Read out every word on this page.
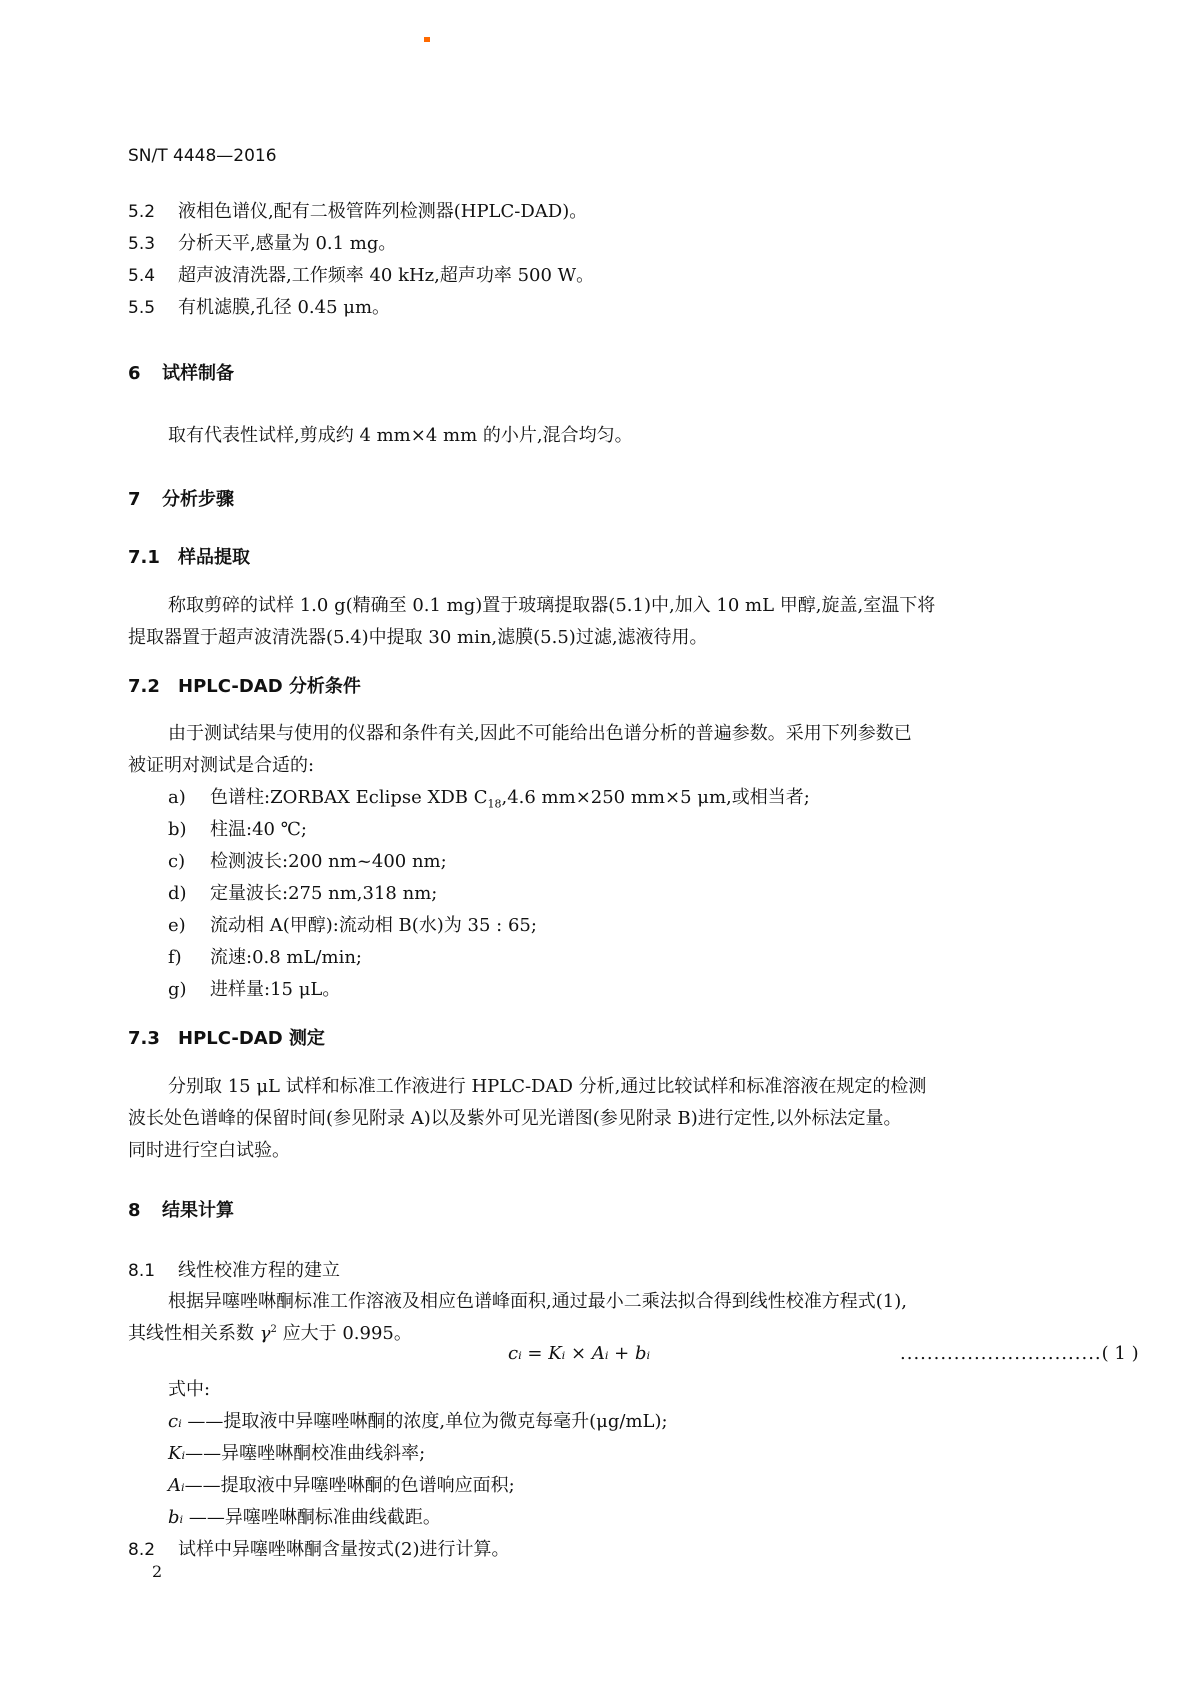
SN/T 4448—2016
5.2 液相色谱仪,配有二极管阵列检测器(HPLC-DAD)。
5.3 分析天平,感量为 0.1 mg。
5.4 超声波清洗器,工作频率 40 kHz,超声功率 500 W。
5.5 有机滤膜,孔径 0.45 μm。
6 试样制备
取有代表性试样,剪成约 4 mm×4 mm 的小片,混合均匀。
7 分析步骤
7.1 样品提取
称取剪碎的试样 1.0 g(精确至 0.1 mg)置于玻璃提取器(5.1)中,加入 10 mL 甲醇,旋盖,室温下将
提取器置于超声波清洗器(5.4)中提取 30 min,滤膜(5.5)过滤,滤液待用。
7.2 HPLC-DAD 分析条件
由于测试结果与使用的仪器和条件有关,因此不可能给出色谱分析的普遍参数。采用下列参数已
被证明对测试是合适的:
a) 色谱柱:ZORBAX Eclipse XDB $C_{18},4.6$ mm×250 mm×5 μm,或相当者;
b) 柱温:40 ℃;
c) 检测波长:200 nm~400 nm;
d) 定量波长:275 nm,318 nm;
e) 流动相 A(甲醇):流动相 B(水)为 35 : 65;
f) 流速:0.8 mL/min;
g) 进样量:15 μL。
7.3 HPLC-DAD 测定
分别取 15 μL 试样和标准工作液进行 HPLC-DAD 分析,通过比较试样和标准溶液在规定的检测
波长处色谱峰的保留时间(参见附录 A)以及紫外可见光谱图(参见附录 B)进行定性,以外标法定量。
同时进行空白试验。
8 结果计算
8.1 线性校准方程的建立
根据异噻唑啉酮标准工作溶液及相应色谱峰面积,通过最小二乘法拟合得到线性校准方程式(1),
其线性相关系数 $\gamma^2$ 应大于 0.995。
cᵢ = Kᵢ × Aᵢ + bᵢ	..............................( 1 )
式中:
cᵢ ——提取液中异噻唑啉酮的浓度,单位为微克每毫升(μg/mL);
Kᵢ——异噻唑啉酮校准曲线斜率;
Aᵢ——提取液中异噻唑啉酮的色谱响应面积;
bᵢ ——异噻唑啉酮标准曲线截距。
8.2 试样中异噻唑啉酮含量按式(2)进行计算。
2
